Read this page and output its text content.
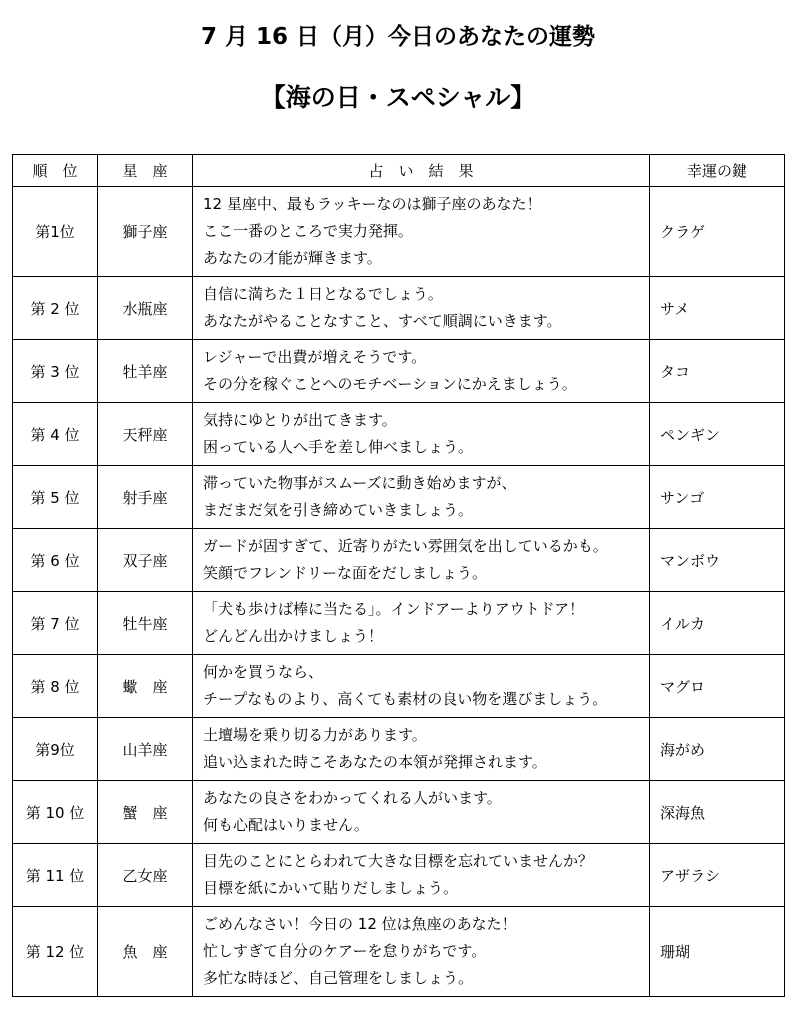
7 月 16 日（月）今日のあなたの運勢
【海の日・スペシャル】
順　位	星　座	占　い　結　果	幸運の鍵
第1位	獅子座	12 星座中、最もラッキーなのは獅子座のあなた！
ここ一番のところで実力発揮。
あなたの才能が輝きます。	クラゲ
第 2 位	水瓶座	自信に満ちた１日となるでしょう。
あなたがやることなすこと、すべて順調にいきます。	サメ
第 3 位	牡羊座	レジャーで出費が増えそうです。
その分を稼ぐことへのモチベーションにかえましょう。	タコ
第 4 位	天秤座	気持にゆとりが出てきます。
困っている人へ手を差し伸べましょう。	ペンギン
第 5 位	射手座	滞っていた物事がスムーズに動き始めますが、
まだまだ気を引き締めていきましょう。	サンゴ
第 6 位	双子座	ガードが固すぎて、近寄りがたい雰囲気を出しているかも。
笑顔でフレンドリーな面をだしましょう。	マンボウ
第 7 位	牡牛座	「犬も歩けば棒に当たる」。インドアーよりアウトドア！
どんどん出かけましょう！	イルカ
第 8 位	蠍　座	何かを買うなら、
チープなものより、高くても素材の良い物を選びましょう。	マグロ
第9位	山羊座	土壇場を乗り切る力があります。
追い込まれた時こそあなたの本領が発揮されます。	海がめ
第 10 位	蟹　座	あなたの良さをわかってくれる人がいます。
何も心配はいりません。	深海魚
第 11 位	乙女座	目先のことにとらわれて大きな目標を忘れていませんか？
目標を紙にかいて貼りだしましょう。	アザラシ
第 12 位	魚　座	ごめんなさい！今日の 12 位は魚座のあなた！
忙しすぎて自分のケアーを怠りがちです。
多忙な時ほど、自己管理をしましょう。	珊瑚
